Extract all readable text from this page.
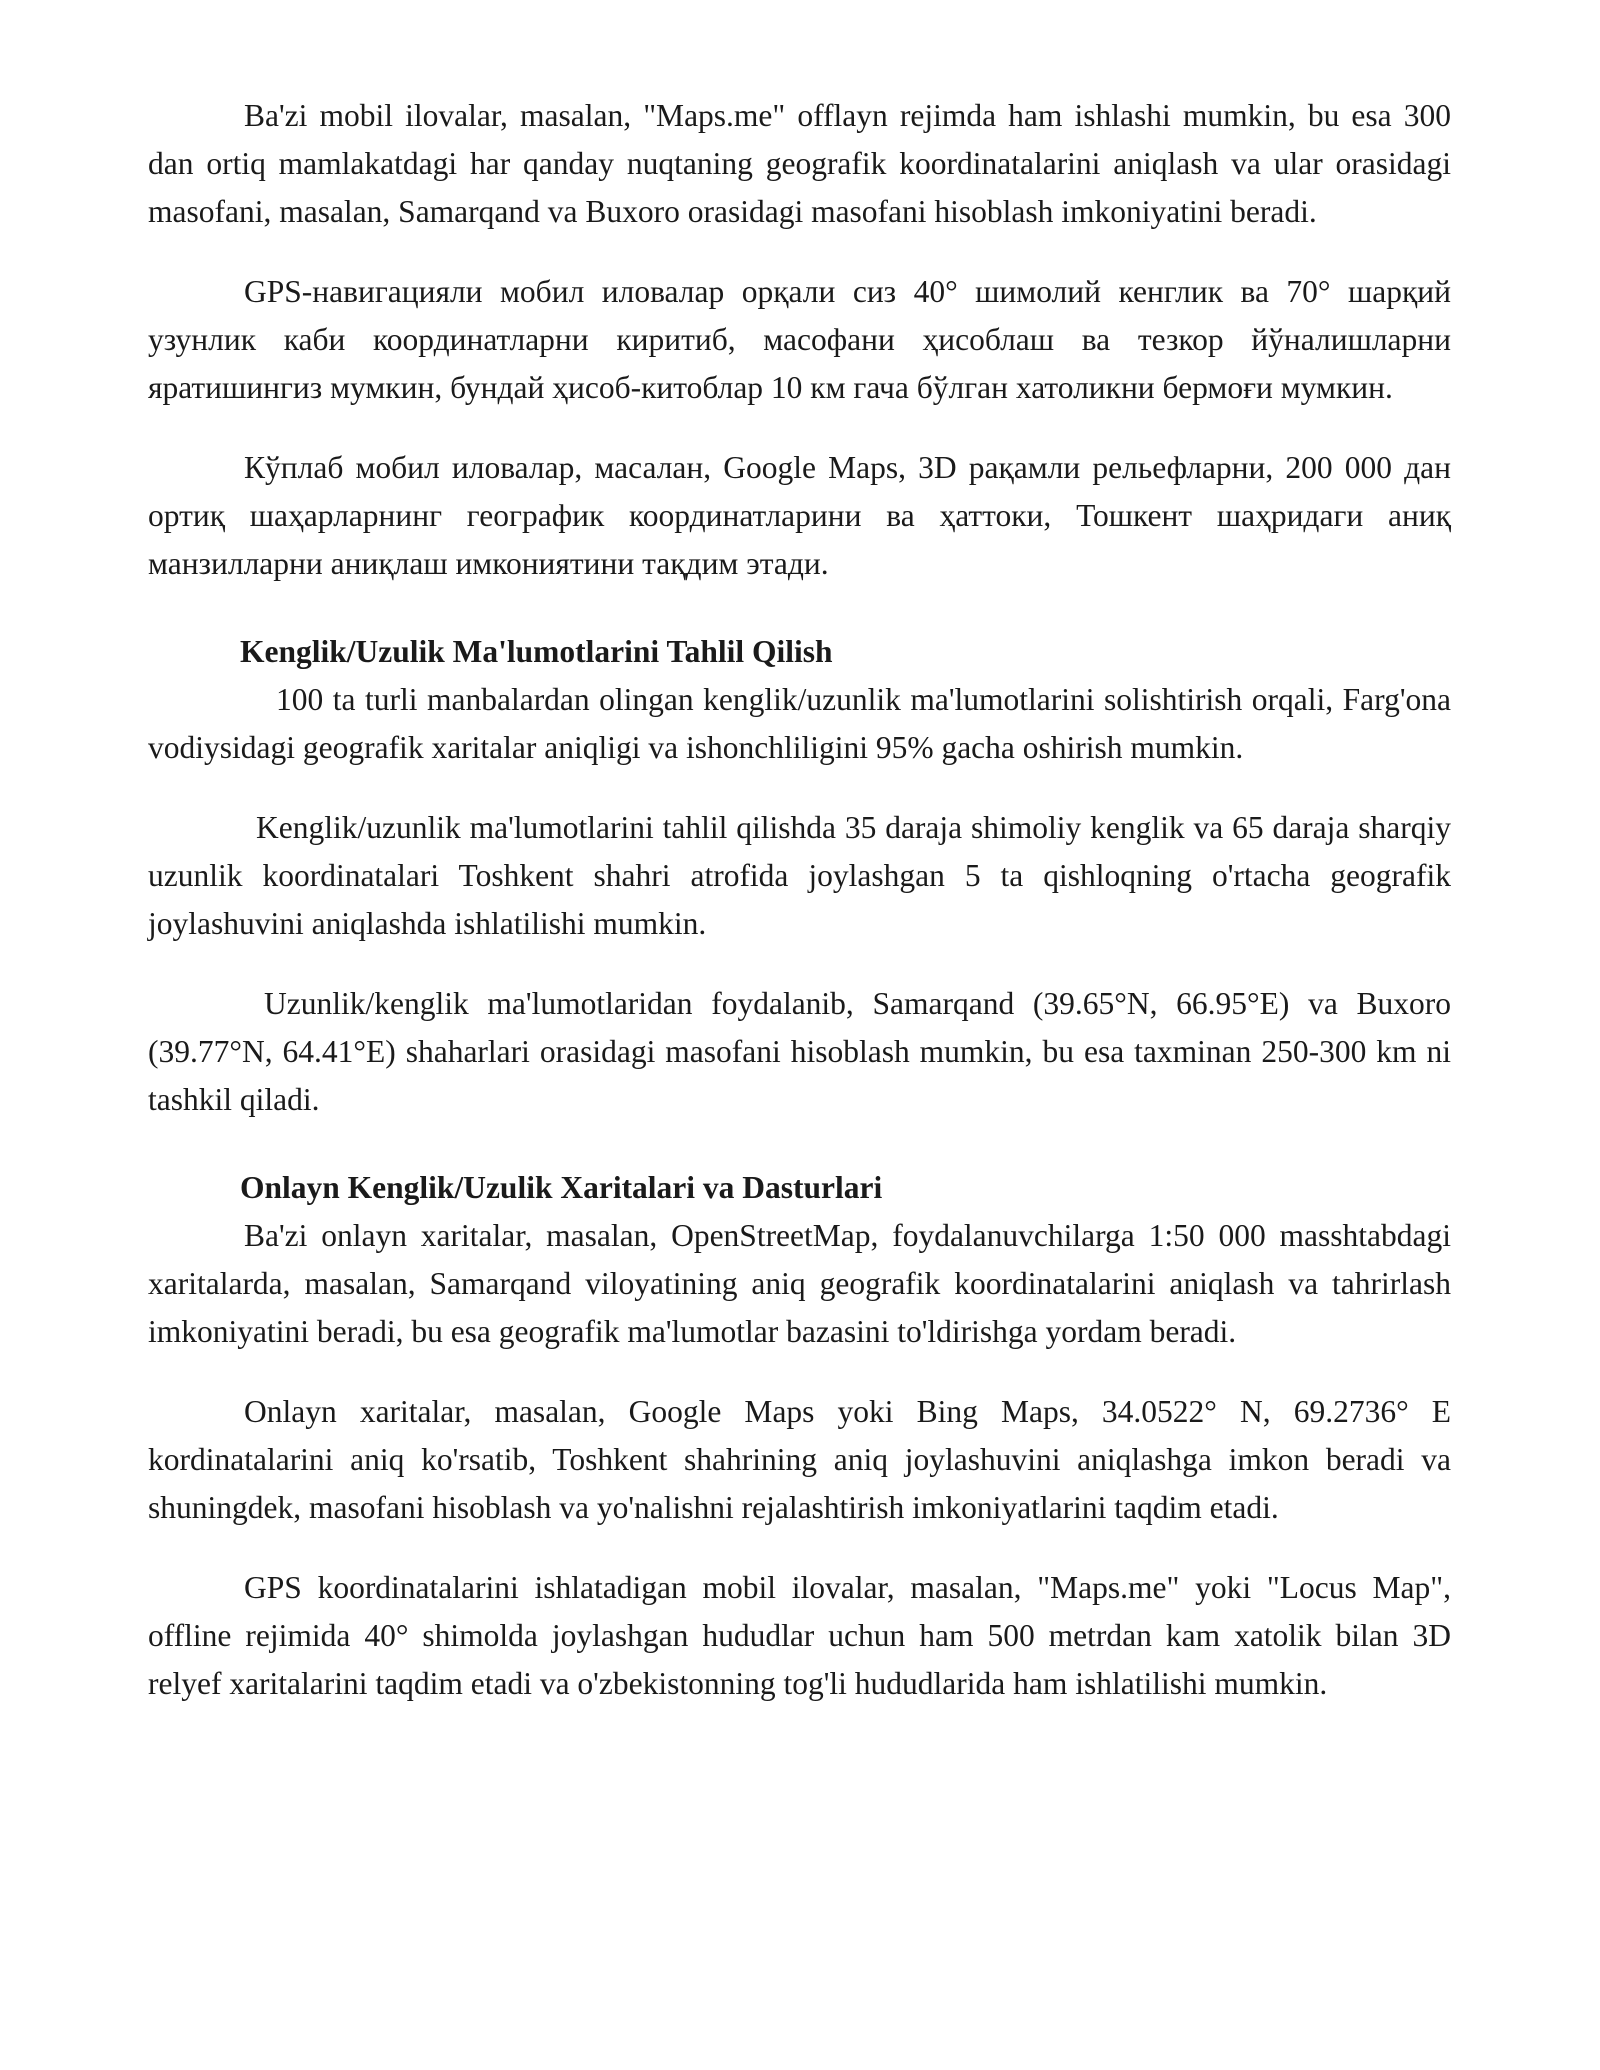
Ba'zi mobil ilovalar, masalan, "Maps.me" offlayn rejimda ham ishlashi mumkin, bu esa 300 dan ortiq mamlakatdagi har qanday nuqtaning geografik koordinatalarini aniqlash va ular orasidagi masofani, masalan, Samarqand va Buxoro orasidagi masofani hisoblash imkoniyatini beradi.

GPS-навигацияли мобил иловалар орқали сиз 40° шимолий кенглик ва 70° шарқий узунлик каби координатларни киритиб, масофани ҳисоблаш ва тезкор йўналишларни яратишингиз мумкин, бундай ҳисоб-китоблар 10 км гача бўлган хатоликни бермоғи мумкин.

Кўплаб мобил иловалар, масалан, Google Maps, 3D рақамли рельефларни, 200 000 дан ортиқ шаҳарларнинг географик координатларини ва ҳаттоки, Тошкент шаҳридаги аниқ манзилларни аниқлаш имкониятини тақдим этади.

Kenglik/Uzulik Ma'lumotlarini Tahlil Qilish

100 ta turli manbalardan olingan kenglik/uzunlik ma'lumotlarini solishtirish orqali, Farg'ona vodiysidagi geografik xaritalar aniqligi va ishonchliligini 95% gacha oshirish mumkin.

Kenglik/uzunlik ma'lumotlarini tahlil qilishda 35 daraja shimoliy kenglik va 65 daraja sharqiy uzunlik koordinatalari Toshkent shahri atrofida joylashgan 5 ta qishloqning o'rtacha geografik joylashuvini aniqlashda ishlatilishi mumkin.

Uzunlik/kenglik ma'lumotlaridan foydalanib, Samarqand (39.65°N, 66.95°E) va Buxoro (39.77°N, 64.41°E) shaharlari orasidagi masofani hisoblash mumkin, bu esa taxminan 250-300 km ni tashkil qiladi.

Onlayn Kenglik/Uzulik Xaritalari va Dasturlari

Ba'zi onlayn xaritalar, masalan, OpenStreetMap, foydalanuvchilarga 1:50 000 masshtabdagi xaritalarda, masalan, Samarqand viloyatining aniq geografik koordinatalarini aniqlash va tahrirlash imkoniyatini beradi, bu esa geografik ma'lumotlar bazasini to'ldirishga yordam beradi.

Onlayn xaritalar, masalan, Google Maps yoki Bing Maps, 34.0522° N, 69.2736° E kordinatalarini aniq ko'rsatib, Toshkent shahrining aniq joylashuvini aniqlashga imkon beradi va shuningdek, masofani hisoblash va yo'nalishni rejalashtirish imkoniyatlarini taqdim etadi.

GPS koordinatalarini ishlatadigan mobil ilovalar, masalan, "Maps.me" yoki "Locus Map", offline rejimida 40° shimolda joylashgan hududlar uchun ham 500 metrdan kam xatolik bilan 3D relyef xaritalarini taqdim etadi va o'zbekistonning tog'li hududlarida ham ishlatilishi mumkin.
